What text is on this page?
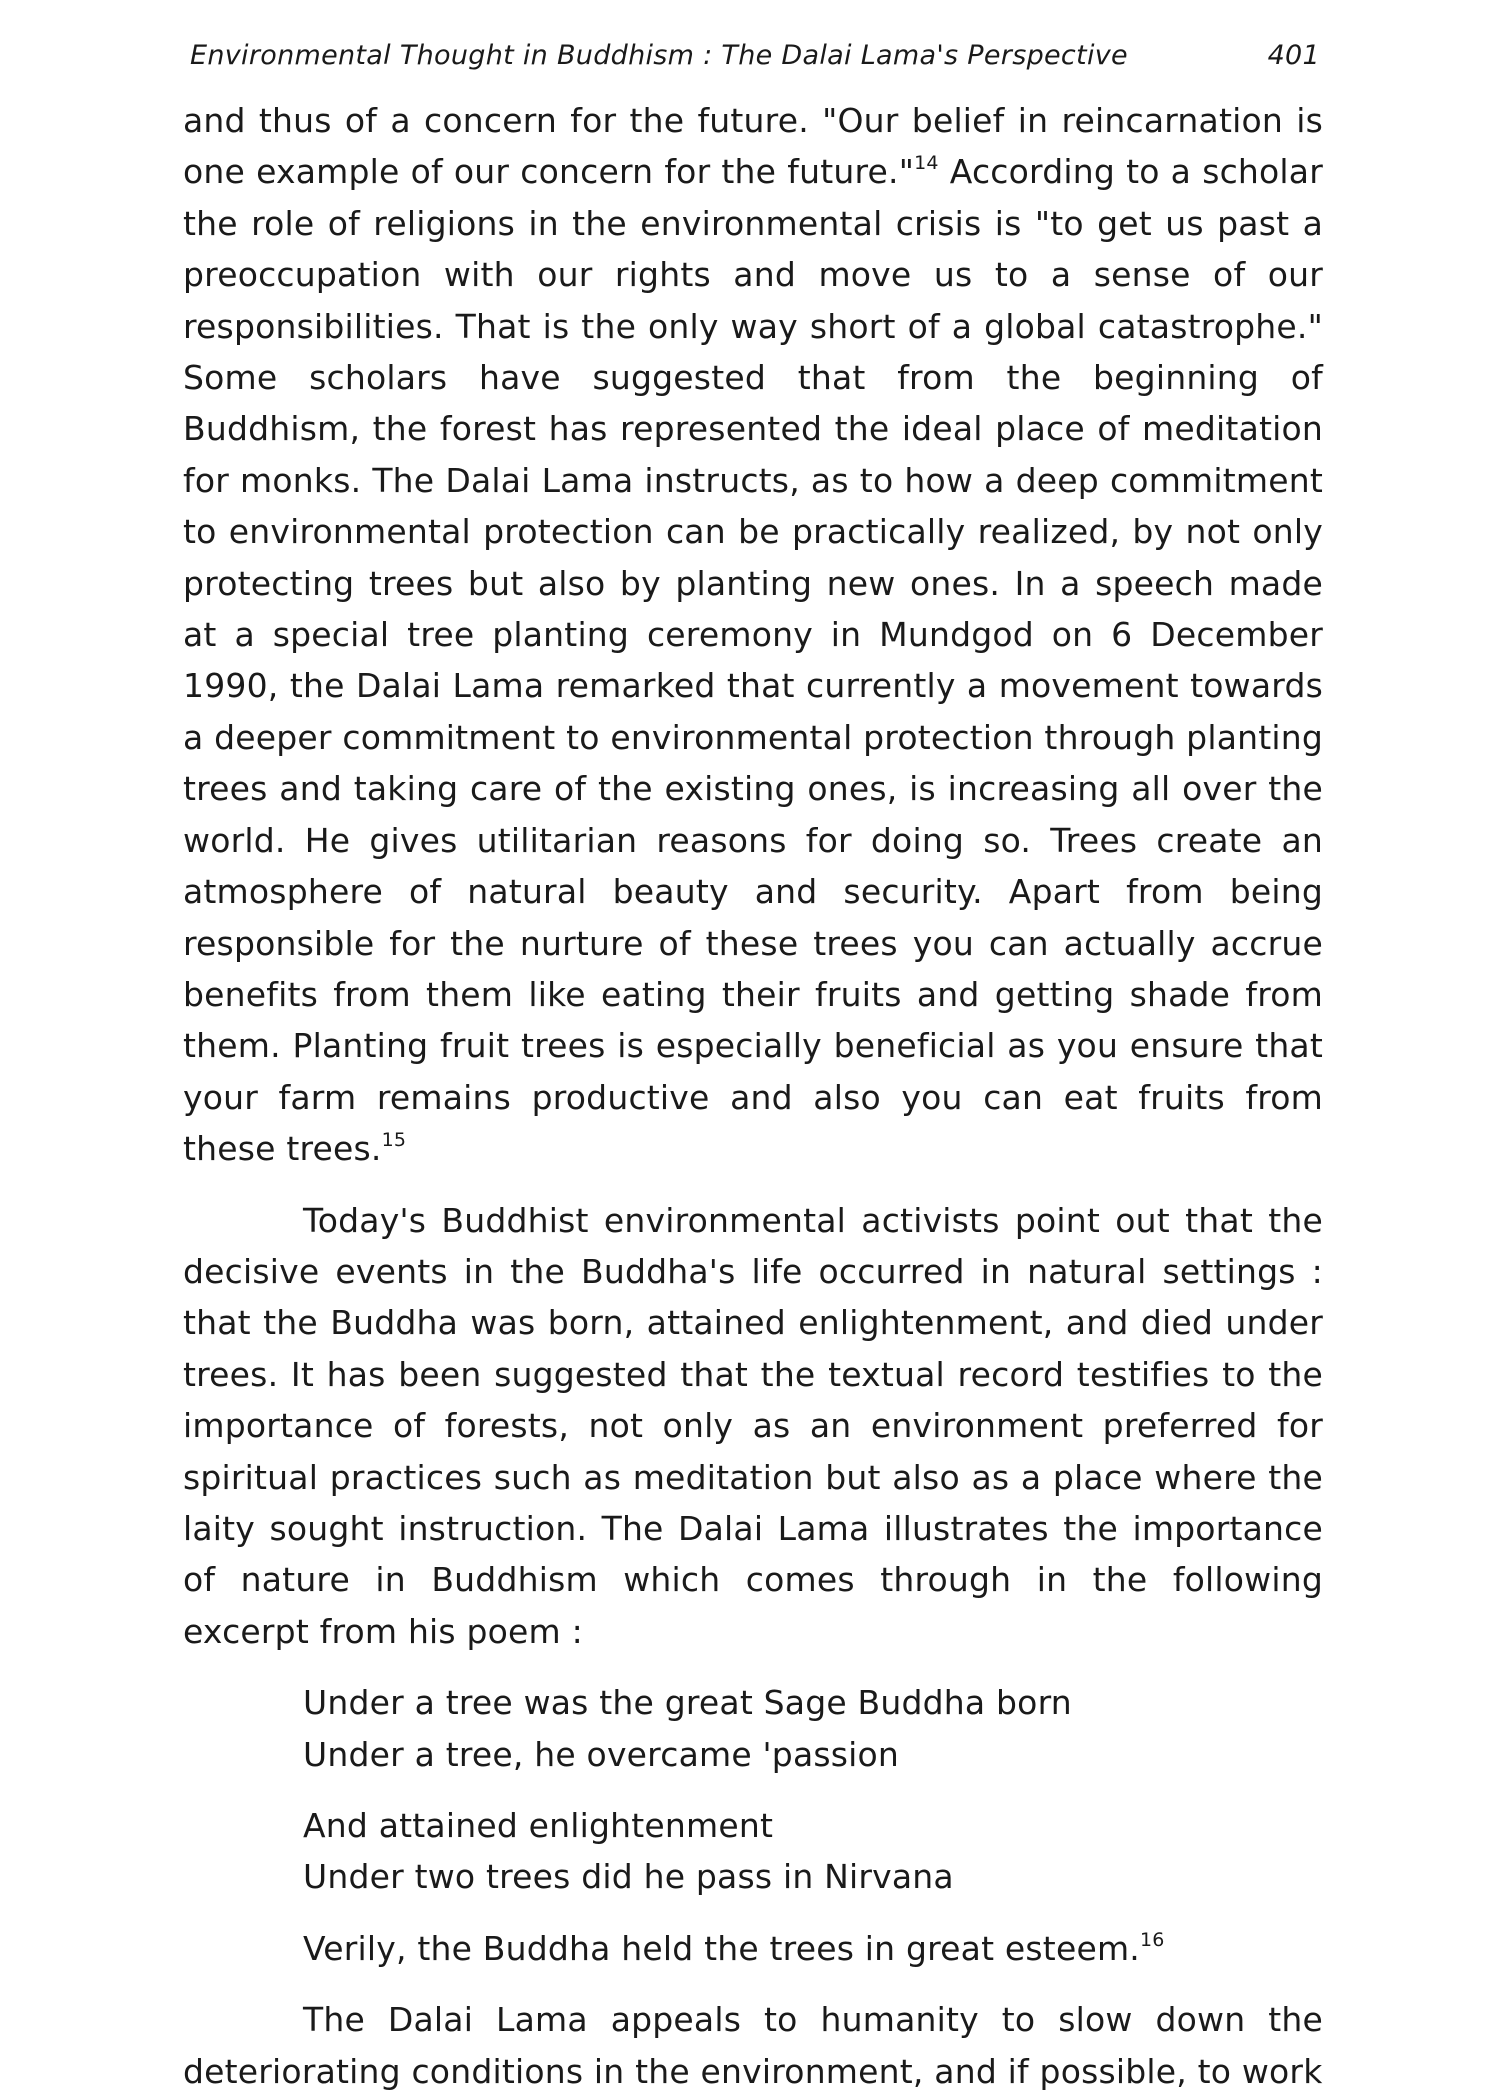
Environmental Thought in Buddhism : The Dalai Lama's Perspective	401

and thus of a concern for the future. "Our belief in reincarnation is one example of our concern for the future."$^{14}$ According to a scholar the role of religions in the environmental crisis is "to get us past a preoccupation with our rights and move us to a sense of our responsibilities. That is the only way short of a global catastrophe." Some scholars have suggested that from the beginning of Buddhism, the forest has represented the ideal place of meditation for monks. The Dalai Lama instructs, as to how a deep commitment to environmental protection can be practically realized, by not only protecting trees but also by planting new ones. In a speech made at a special tree planting ceremony in Mundgod on 6 December 1990, the Dalai Lama remarked that currently a movement towards a deeper commitment to environmental protection through planting trees and taking care of the existing ones, is increasing all over the world. He gives utilitarian reasons for doing so. Trees create an atmosphere of natural beauty and security. Apart from being responsible for the nurture of these trees you can actually accrue benefits from them like eating their fruits and getting shade from them. Planting fruit trees is especially beneficial as you ensure that your farm remains productive and also you can eat fruits from these trees.$^{15}$

Today's Buddhist environmental activists point out that the decisive events in the Buddha's life occurred in natural settings : that the Buddha was born, attained enlightenment, and died under trees. It has been suggested that the textual record testifies to the importance of forests, not only as an environment preferred for spiritual practices such as meditation but also as a place where the laity sought instruction. The Dalai Lama illustrates the importance of nature in Buddhism which comes through in the following excerpt from his poem :

Under a tree was the great Sage Buddha born
Under a tree, he overcame 'passion
And attained enlightenment
Under two trees did he pass in Nirvana
Verily, the Buddha held the trees in great esteem.$^{16}$

The Dalai Lama appeals to humanity to slow down the deteriorating conditions in the environment, and if possible, to work
